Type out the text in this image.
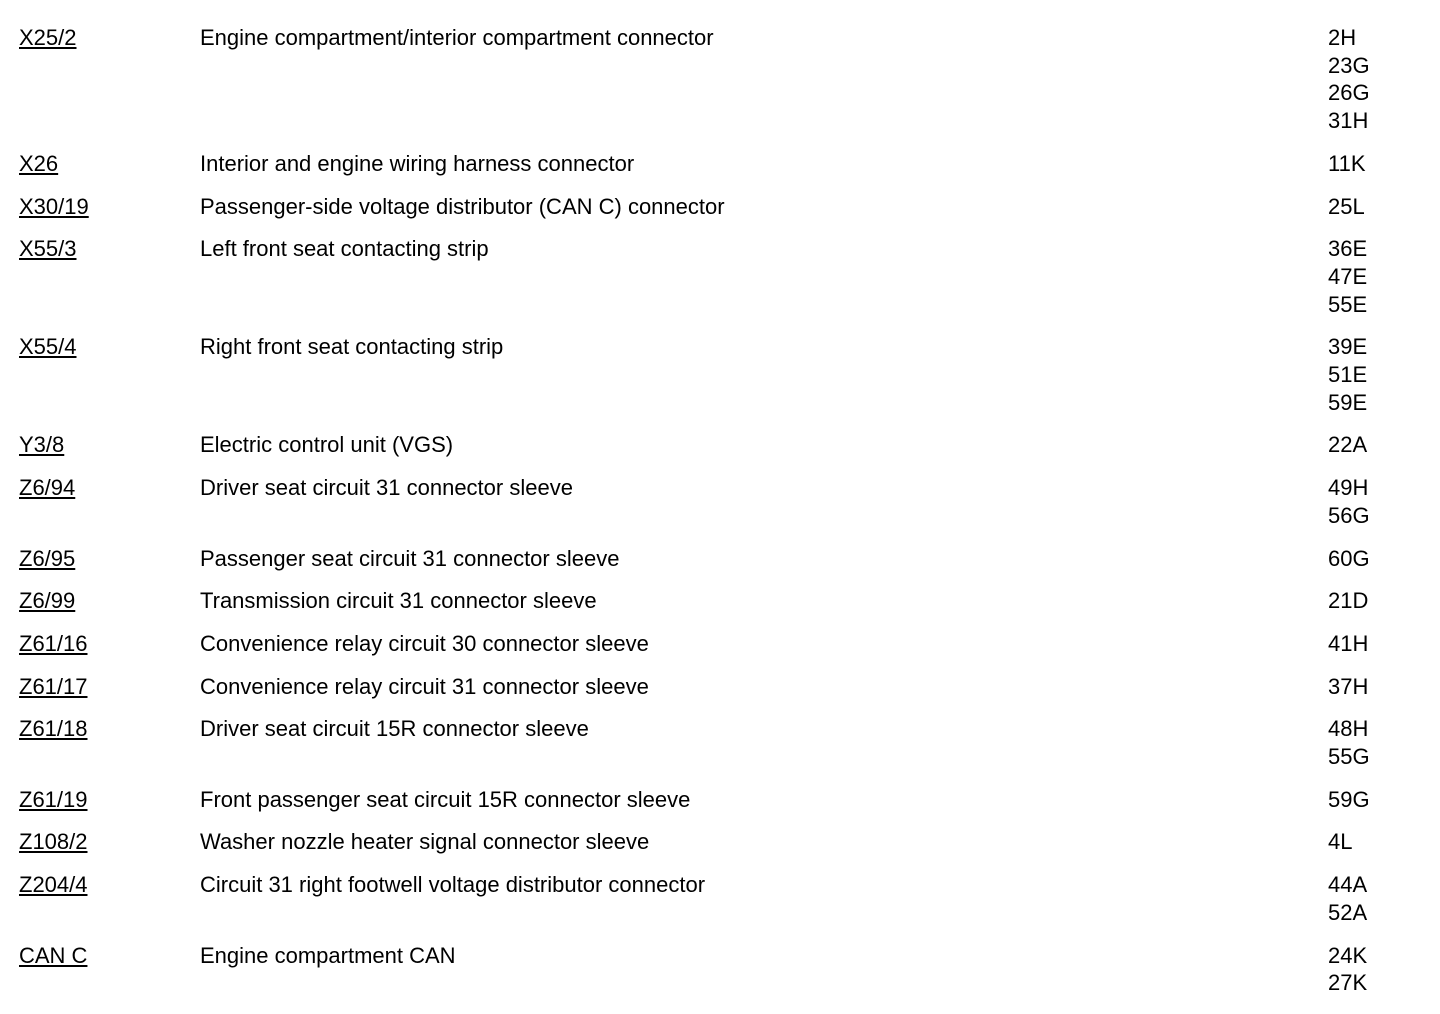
X25/2	Engine compartment/interior compartment connector	2H
23G
26G
31H
X26	Interior and engine wiring harness connector	11K
X30/19	Passenger-side voltage distributor (CAN C) connector	25L
X55/3	Left front seat contacting strip	36E
47E
55E
X55/4	Right front seat contacting strip	39E
51E
59E
Y3/8	Electric control unit (VGS)	22A
Z6/94	Driver seat circuit 31 connector sleeve	49H
56G
Z6/95	Passenger seat circuit 31 connector sleeve	60G
Z6/99	Transmission circuit 31 connector sleeve	21D
Z61/16	Convenience relay circuit 30 connector sleeve	41H
Z61/17	Convenience relay circuit 31 connector sleeve	37H
Z61/18	Driver seat circuit 15R connector sleeve	48H
55G
Z61/19	Front passenger seat circuit 15R connector sleeve	59G
Z108/2	Washer nozzle heater signal connector sleeve	4L
Z204/4	Circuit 31 right footwell voltage distributor connector	44A
52A
CAN C	Engine compartment CAN	24K
27K
